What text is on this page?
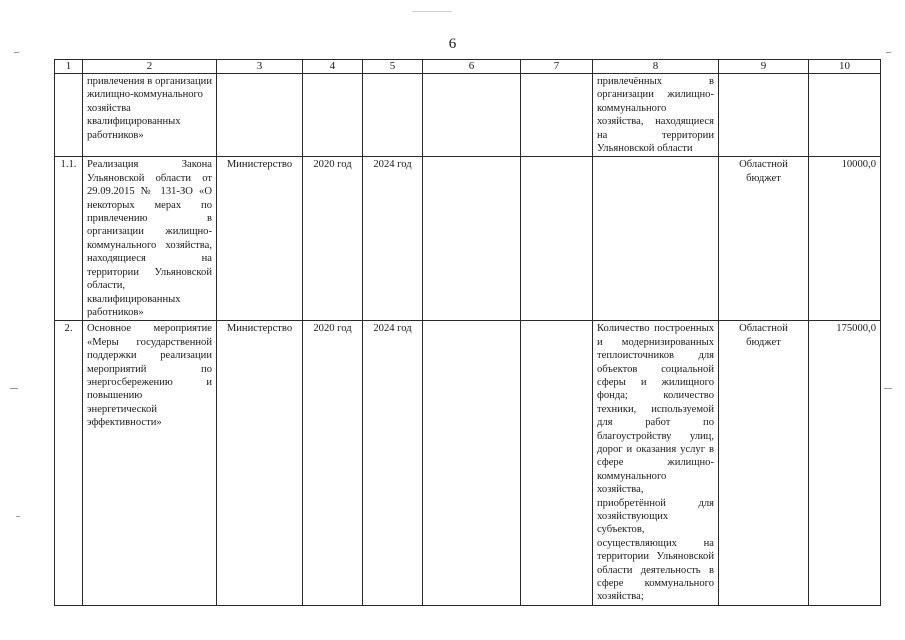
6
1	2	3	4	5	6	7	8	9	10
	привлечения в организации жилищно-коммунального хозяйства квалифицированных работников»						привлечённых в организации жилищно-коммунального хозяйства, находящиеся на территории Ульяновской области		
1.1.	Реализация Закона Ульяновской области от 29.09.2015 № 131-ЗО «О некоторых мерах по привлечению в организации жилищно-коммунального хозяйства, находящиеся на территории Ульяновской области, квалифицированных работников»	Министерство	2020 год	2024 год				Областной бюджет	10000,0
2.	Основное мероприятие «Меры государственной поддержки реализации мероприятий по энергосбережению и повышению энергетической эффективности»	Министерство	2020 год	2024 год			Количество построенных и модернизированных теплоисточников для объектов социальной сферы и жилищного фонда; количество техники, используемой для работ по благоустройству улиц, дорог и оказания услуг в сфере жилищно-коммунального хозяйства, приобретённой для хозяйствующих субъектов, осуществляющих на территории Ульяновской области деятельность в сфере коммунального хозяйства;	Областной бюджет	175000,0
